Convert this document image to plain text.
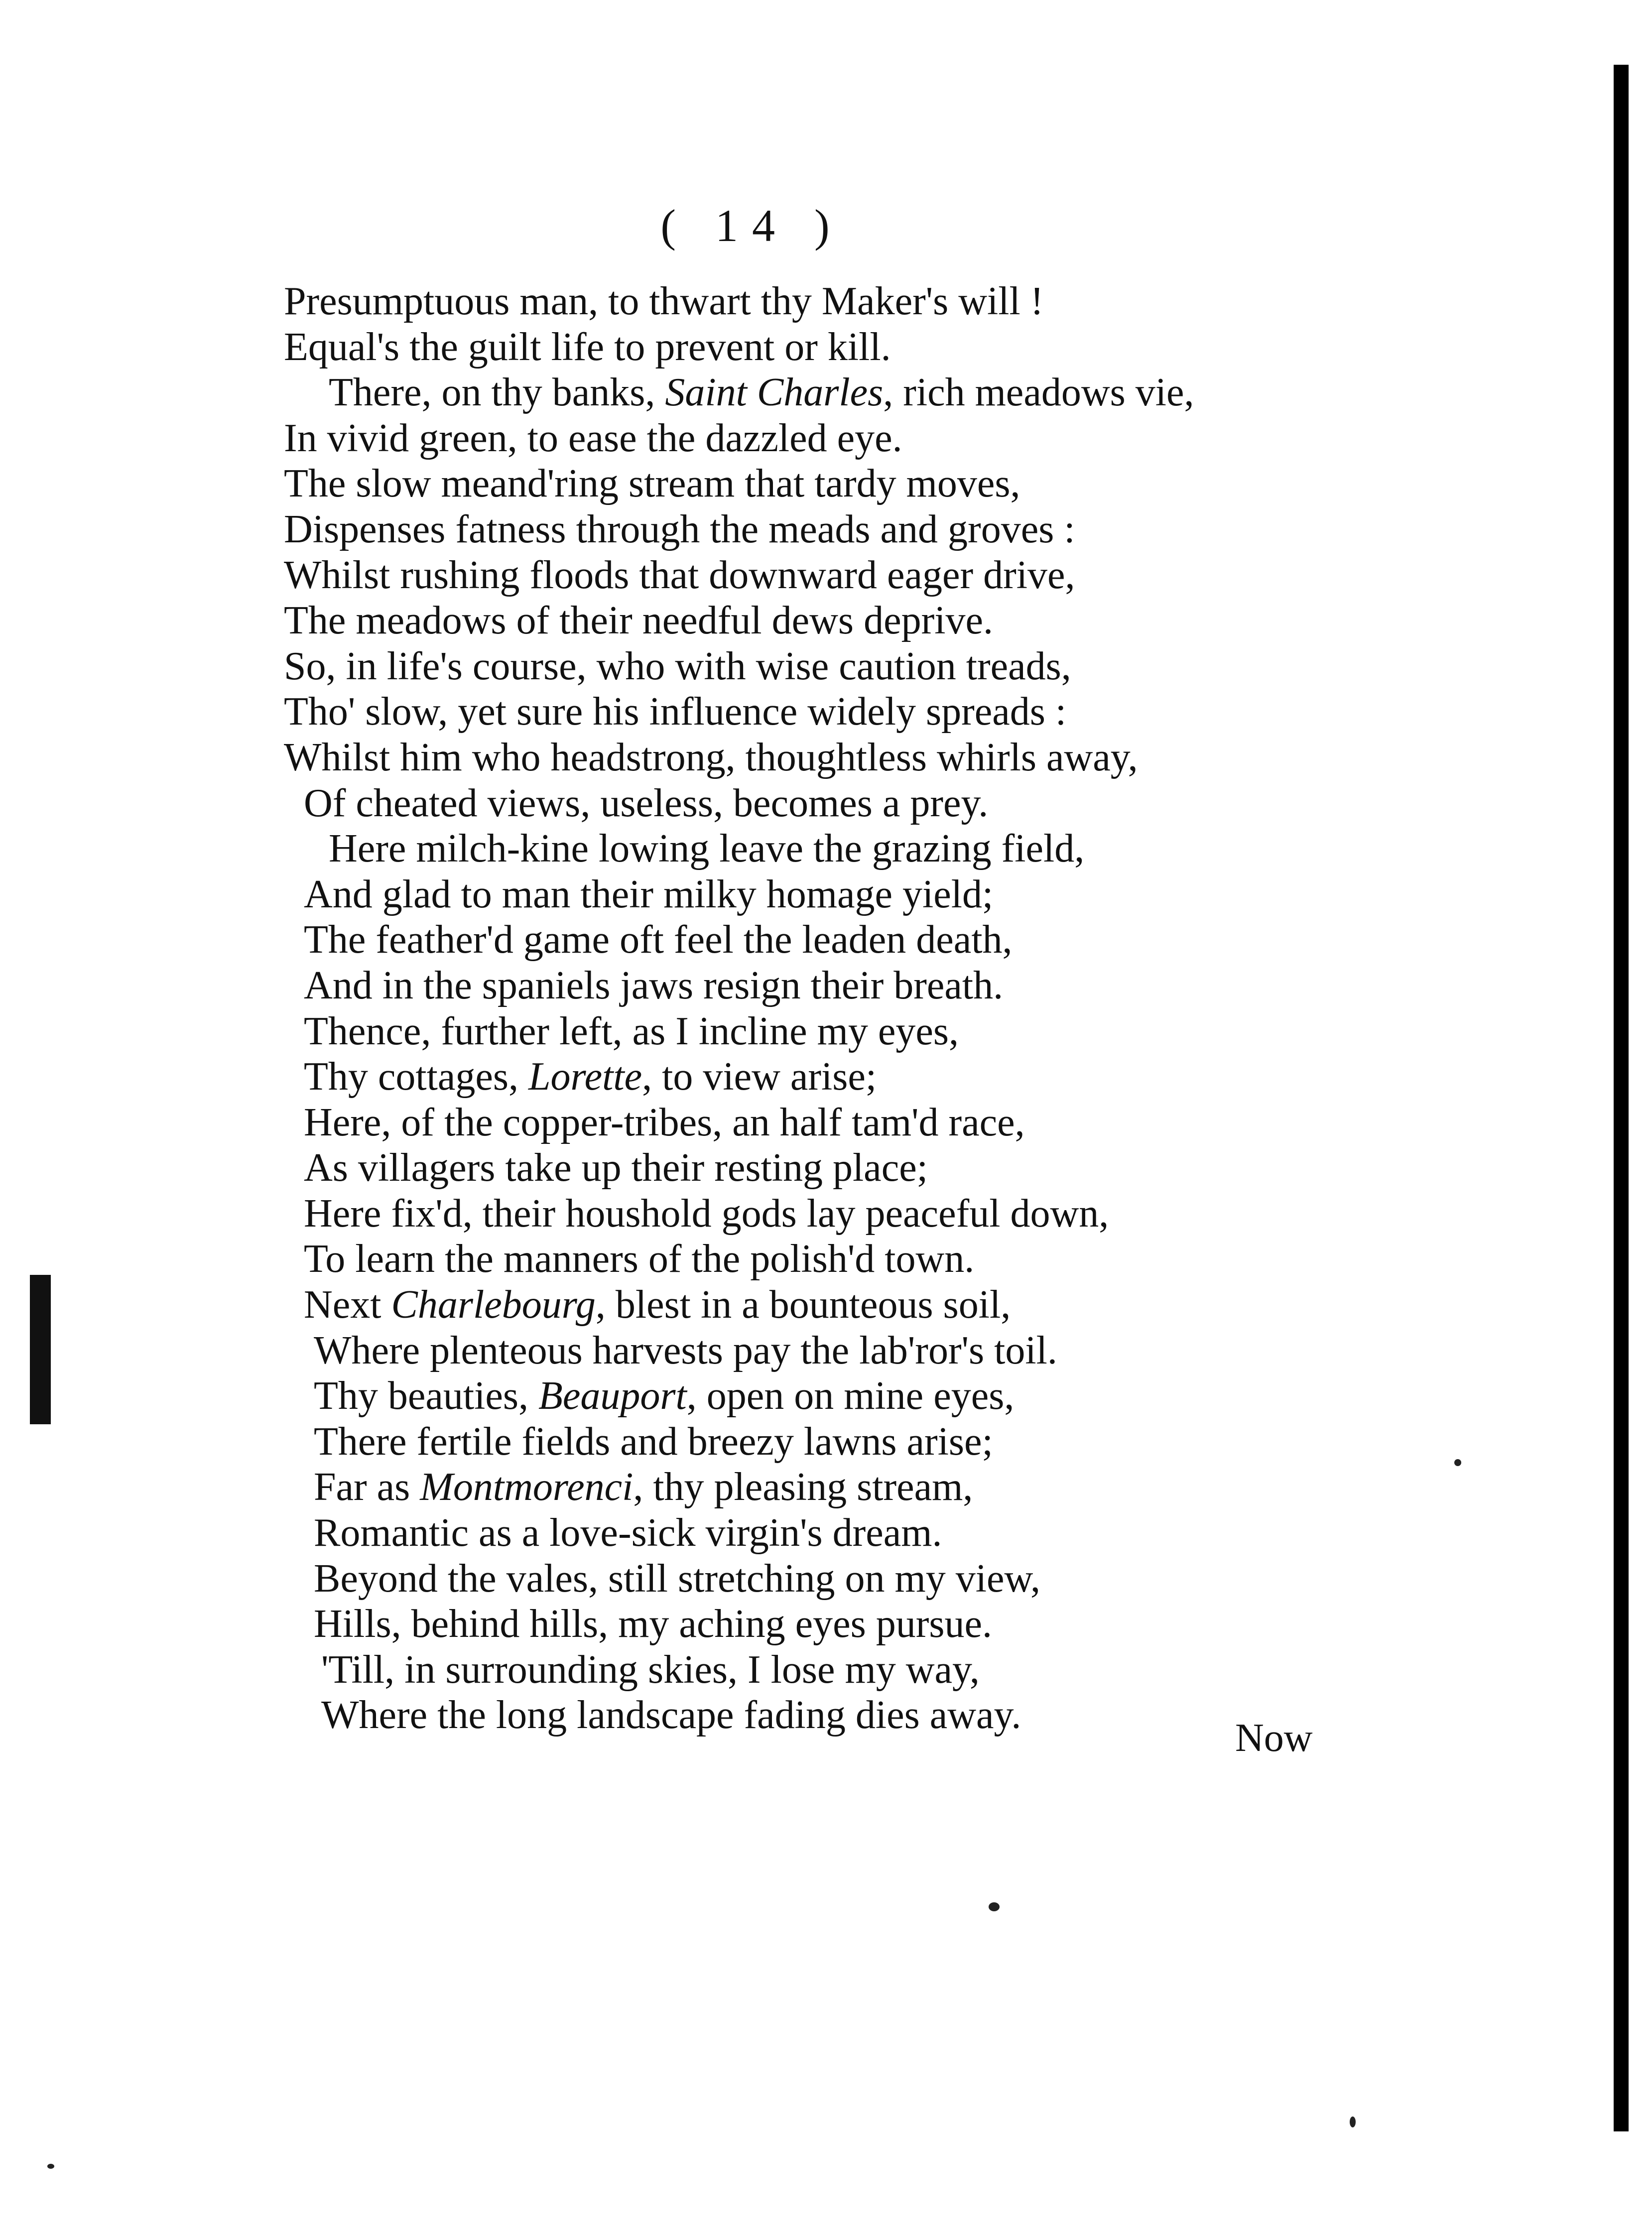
( 14 )
Presumptuous man, to thwart thy Maker's will !
Equal's the guilt life to prevent or kill.
There, on thy banks, Saint Charles, rich meadows vie,
In vivid green, to ease the dazzled eye.
The slow meand'ring stream that tardy moves,
Dispenses fatness through the meads and groves :
Whilst rushing floods that downward eager drive,
The meadows of their needful dews deprive.
So, in life's course, who with wise caution treads,
Tho' slow, yet sure his influence widely spreads :
Whilst him who headstrong, thoughtless whirls away,
Of cheated views, useless, becomes a prey.
Here milch-kine lowing leave the grazing field,
And glad to man their milky homage yield;
The feather'd game oft feel the leaden death,
And in the spaniels jaws resign their breath.
Thence, further left, as I incline my eyes,
Thy cottages, Lorette, to view arise;
Here, of the copper-tribes, an half tam'd race,
As villagers take up their resting place;
Here fix'd, their houshold gods lay peaceful down,
To learn the manners of the polish'd town.
Next Charlebourg, blest in a bounteous soil,
Where plenteous harvests pay the lab'ror's toil.
Thy beauties, Beauport, open on mine eyes,
There fertile fields and breezy lawns arise;
Far as Montmorenci, thy pleasing stream,
Romantic as a love-sick virgin's dream.
Beyond the vales, still stretching on my view,
Hills, behind hills, my aching eyes pursue.
'Till, in surrounding skies, I lose my way,
Where the long landscape fading dies away.
Now
